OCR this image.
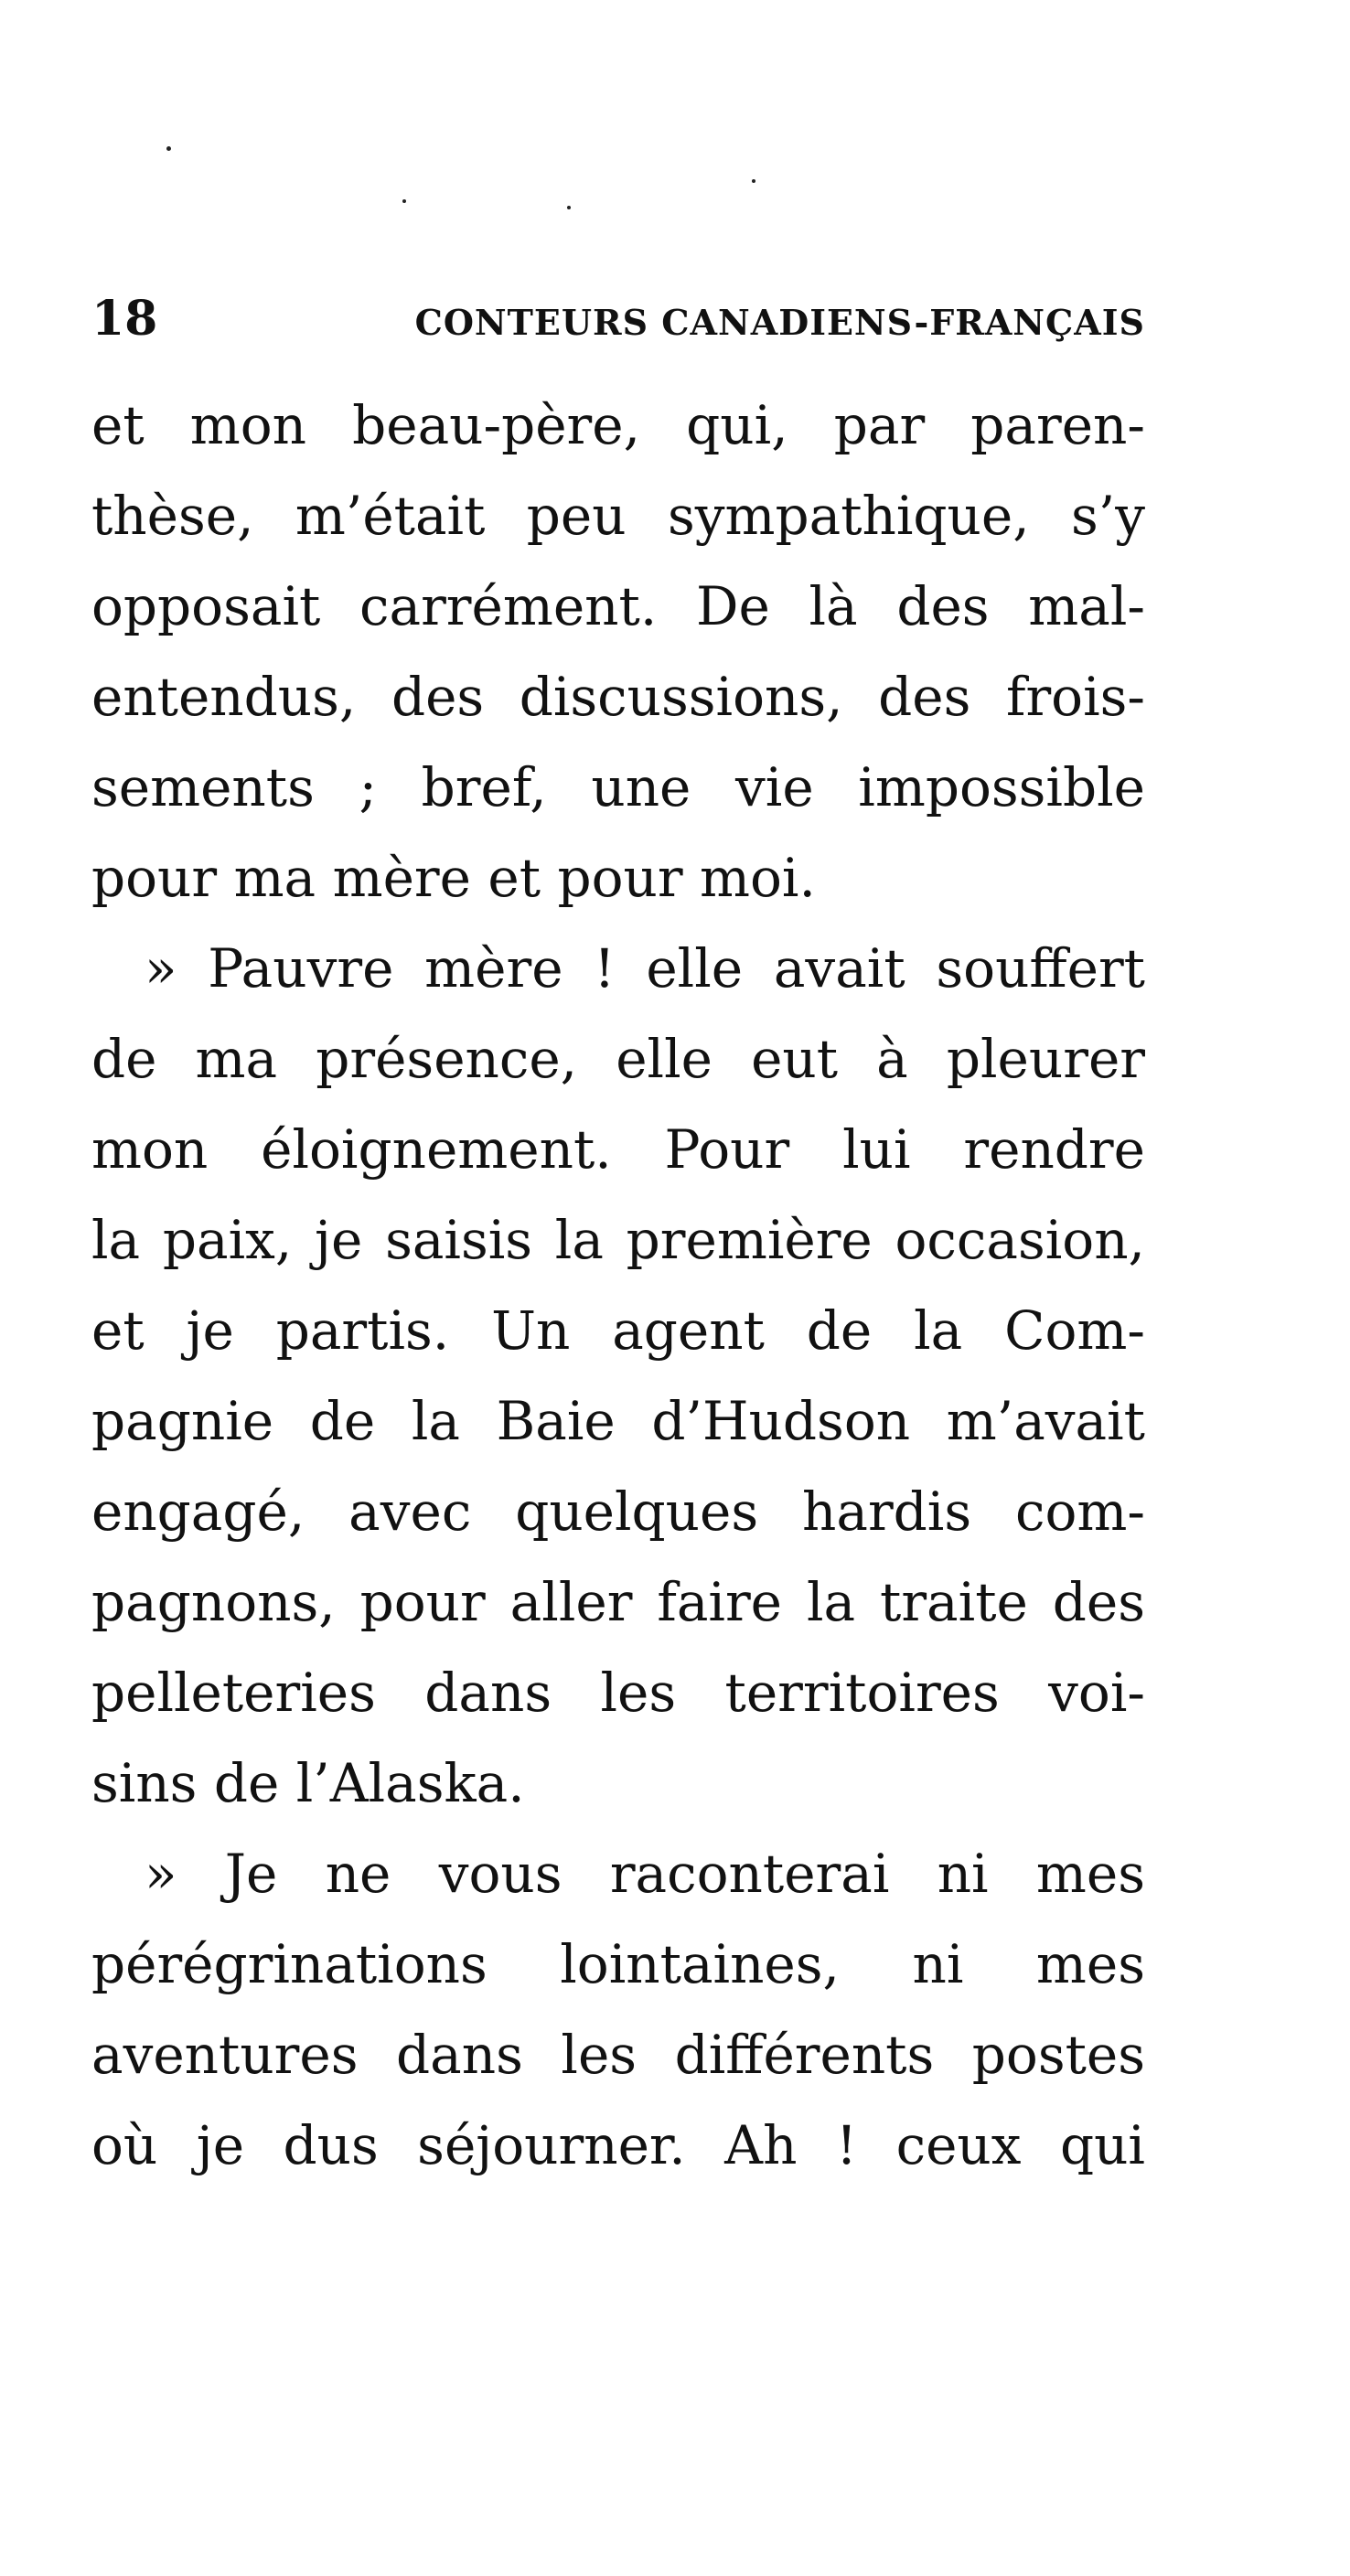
18	CONTEURS CANADIENS-FRANÇAIS
et mon beau-père, qui, par paren-
thèse, m’était peu sympathique, s’y
opposait carrément. De là des mal-
entendus, des discussions, des frois-
sements ; bref, une vie impossible
pour ma mère et pour moi.
» Pauvre mère ! elle avait souffert
de ma présence, elle eut à pleurer
mon éloignement. Pour lui rendre
la paix, je saisis la première occasion,
et je partis. Un agent de la Com-
pagnie de la Baie d’Hudson m’avait
engagé, avec quelques hardis com-
pagnons, pour aller faire la traite des
pelleteries dans les territoires voi-
sins de l’Alaska.
» Je ne vous raconterai ni mes
pérégrinations lointaines, ni mes
aventures dans les différents postes
où je dus séjourner. Ah ! ceux qui
